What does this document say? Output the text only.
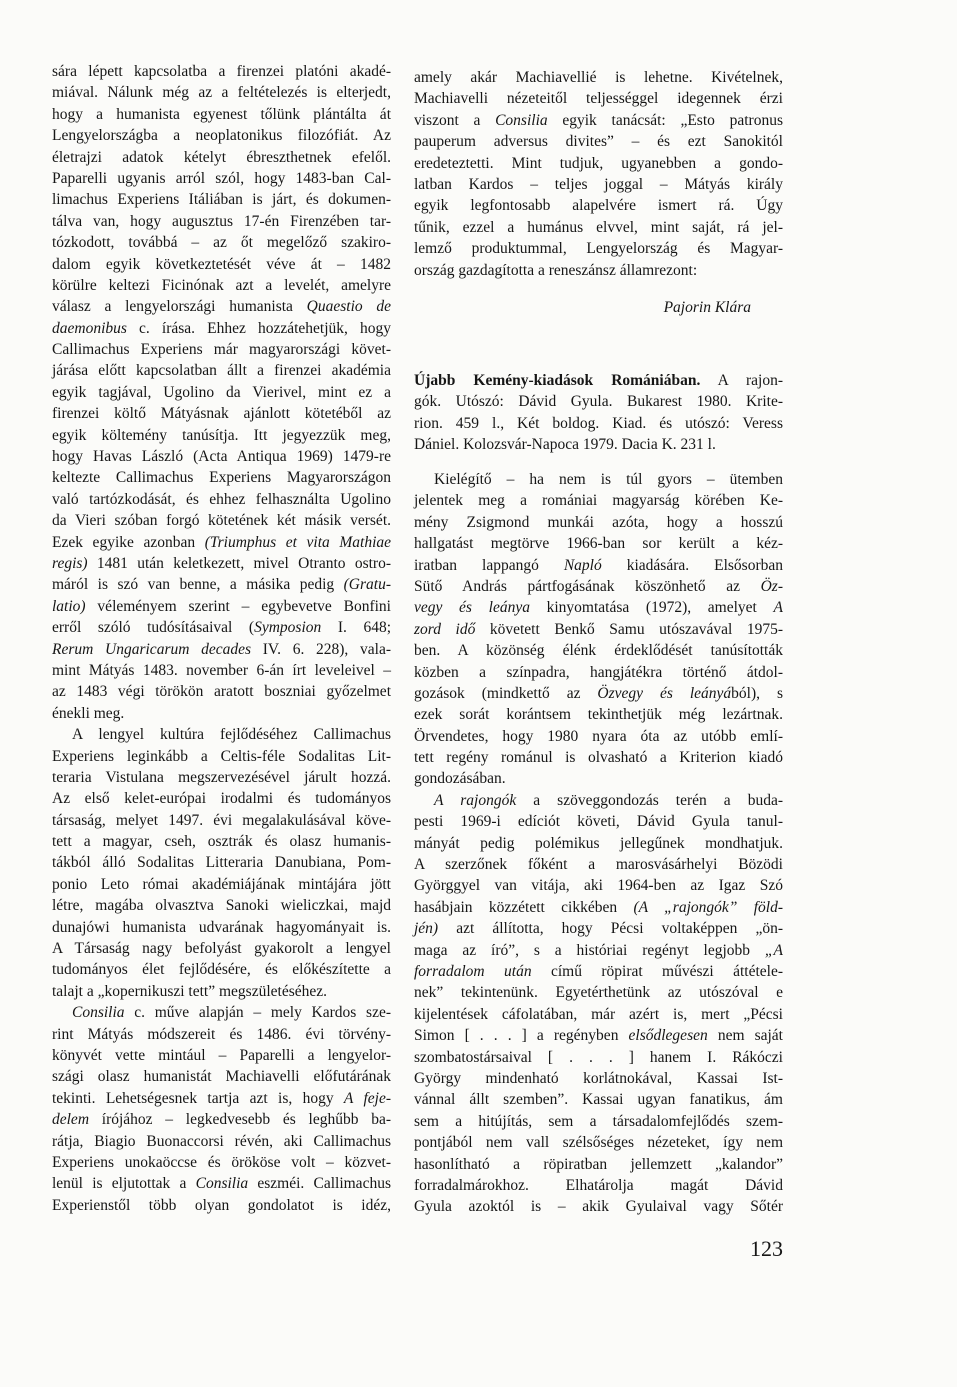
sára lépett kapcsolatba a firenzei platóni akadé-
miával. Nálunk még az a feltételezés is elterjedt,
hogy a humanista egyenest tőlünk plántálta át
Lengyelországba a neoplatonikus filozófiát. Az
életrajzi adatok kételyt ébreszthetnek efelől.
Paparelli ugyanis arról szól, hogy 1483-ban Cal-
limachus Experiens Itáliában is járt, és dokumen-
tálva van, hogy augusztus 17-én Firenzében tar-
tózkodott, továbbá – az őt megelőző szakiro-
dalom egyik következtetését véve át – 1482
körülre keltezi Ficinónak azt a levelét, amelyre
válasz a lengyelországi humanista Quaestio de
daemonibus c. írása. Ehhez hozzátehetjük, hogy
Callimachus Experiens már magyarországi követ-
járása előtt kapcsolatban állt a firenzei akadémia
egyik tagjával, Ugolino da Vierivel, mint ez a
firenzei költő Mátyásnak ajánlott kötetéből az
egyik költemény tanúsítja. Itt jegyezzük meg,
hogy Havas László (Acta Antiqua 1969) 1479-re
keltezte Callimachus Experiens Magyarországon
való tartózkodását, és ehhez felhasználta Ugolino
da Vieri szóban forgó kötetének két másik versét.
Ezek egyike azonban (Triumphus et vita Mathiae
regis) 1481 után keletkezett, mivel Otranto ostro-
máról is szó van benne, a másika pedig (Gratu-
latio) véleményem szerint – egybevetve Bonfini
erről szóló tudósításaival (Symposion I. 648;
Rerum Ungaricarum decades IV. 6. 228), vala-
mint Mátyás 1483. november 6-án írt leveleivel –
az 1483 végi törökön aratott boszniai győzelmet
énekli meg.
A lengyel kultúra fejlődéséhez Callimachus
Experiens leginkább a Celtis-féle Sodalitas Lit-
teraria Vistulana megszervezésével járult hozzá.
Az első kelet-európai irodalmi és tudományos
társaság, melyet 1497. évi megalakulásával köve-
tett a magyar, cseh, osztrák és olasz humanis-
tákból álló Sodalitas Litteraria Danubiana, Pom-
ponio Leto római akadémiájának mintájára jött
létre, magába olvasztva Sanoki wieliczkai, majd
dunajówi humanista udvarának hagyományait is.
A Társaság nagy befolyást gyakorolt a lengyel
tudományos élet fejlődésére, és előkészítette a
talajt a „kopernikuszi tett” megszületéséhez.
Consilia c. műve alapján – mely Kardos sze-
rint Mátyás módszereit és 1486. évi törvény-
könyvét vette mintául – Paparelli a lengyelor-
szági olasz humanistát Machiavelli előfutárának
tekinti. Lehetségesnek tartja azt is, hogy A feje-
delem írójához – legkedvesebb és leghűbb ba-
rátja, Biagio Buonaccorsi révén, aki Callimachus
Experiens unokaöccse és örököse volt – közvet-
lenül is eljutottak a Consilia eszméi. Callimachus
Experienstől több olyan gondolatot is idéz,
amely akár Machiavellié is lehetne. Kivételnek,
Machiavelli nézeteitől teljességgel idegennek érzi
viszont a Consilia egyik tanácsát: „Esto patronus
pauperum adversus divites” – és ezt Sanokitól
eredeteztetti. Mint tudjuk, ugyanebben a gondo-
latban Kardos – teljes joggal – Mátyás király
egyik legfontosabb alapelvére ismert rá. Úgy
tűnik, ezzel a humánus elvvel, mint saját, rá jel-
lemző produktummal, Lengyelország és Magyar-
ország gazdagította a reneszánsz államrezont:
Pajorin Klára
Újabb Kemény-kiadások Romániában. A rajon-
gók. Utószó: Dávid Gyula. Bukarest 1980. Krite-
rion. 459 l., Két boldog. Kiad. és utószó: Veress
Dániel. Kolozsvár-Napoca 1979. Dacia K. 231 l.
Kielégítő – ha nem is túl gyors – ütemben
jelentek meg a romániai magyarság körében Ke-
mény Zsigmond munkái azóta, hogy a hosszú
hallgatást megtörve 1966-ban sor került a kéz-
iratban lappangó Napló kiadására. Elsősorban
Sütő András pártfogásának köszönhető az Öz-
vegy és leánya kinyomtatása (1972), amelyet A
zord idő követett Benkő Samu utószavával 1975-
ben. A közönség élénk érdeklődését tanúsították
közben a színpadra, hangjátékra történő átdol-
gozások (mindkettő az Özvegy és leányából), s
ezek sorát korántsem tekinthetjük még lezártnak.
Örvendetes, hogy 1980 nyara óta az utóbb emlí-
tett regény románul is olvasható a Kriterion kiadó
gondozásában.
A rajongók a szöveggondozás terén a buda-
pesti 1969-i edíciót követi, Dávid Gyula tanul-
mányát pedig polémikus jellegűnek mondhatjuk.
A szerzőnek főként a marosvásárhelyi Bözödi
Györggyel van vitája, aki 1964-ben az Igaz Szó
hasábjain közzétett cikkében (A „rajongók” föld-
jén) azt állította, hogy Pécsi voltaképpen „ön-
maga az író”, s a históriai regényt legjobb „A
forradalom után című röpirat művészi áttétele-
nek” tekintenünk. Egyetérthetünk az utószóval e
kijelentések cáfolatában, már azért is, mert „Pécsi
Simon [ . . . ] a regényben elsődlegesen nem saját
szombatostársaival [ . . . ] hanem I. Rákóczi
György mindenható korlátnokával, Kassai Ist-
vánnal állt szemben”. Kassai ugyan fanatikus, ám
sem a hitújítás, sem a társadalomfejlődés szem-
pontjából nem vall szélsőséges nézeteket, így nem
hasonlítható a röpiratban jellemzett „kalandor”
forradalmárokhoz. Elhatárolja magát Dávid
Gyula azoktól is – akik Gyulaival vagy Sőtér
123
